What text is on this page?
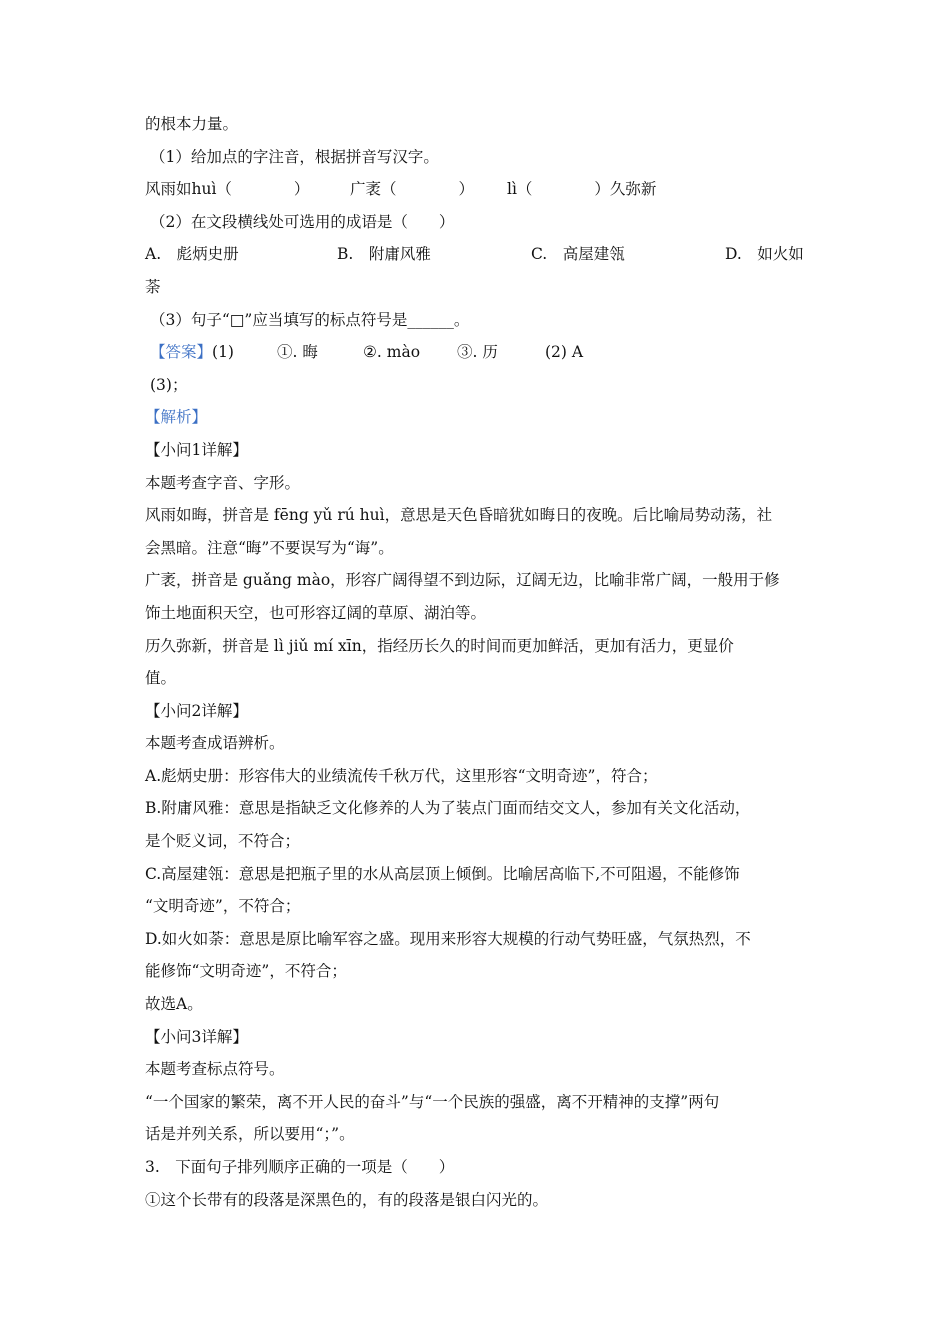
的根本力量。
（1）给加点的字注音，根据拼音写汉字。
风雨如huì（　　　　）	广袤（　　　　） lì（　　　　）久弥新
（2）在文段横线处可选用的成语是（　　）
A.　彪炳史册	B.　附庸风雅	C.　高屋建瓴	D.　如火如
荼
（3）句子“□”应当填写的标点符号是______。
【答案】(1)	①. 晦	②. mào ③. 历	(2) A
(3)；
【解析】
【小问1详解】
本题考查字音、字形。
风雨如晦，拼音是 fēng yǔ rú huì，意思是天色昏暗犹如晦日的夜晚。后比喻局势动荡，社
会黑暗。注意“晦”不要误写为“诲”。
广袤，拼音是 guǎng mào，形容广阔得望不到边际，辽阔无边，比喻非常广阔，一般用于修
饰土地面积天空，也可形容辽阔的草原、湖泊等。
历久弥新，拼音是 lì jiǔ mí xīn，指经历长久的时间而更加鲜活，更加有活力，更显价
值。
【小问2详解】
本题考查成语辨析。
A.彪炳史册：形容伟大的业绩流传千秋万代，这里形容“文明奇迹”，符合；
B.附庸风雅：意思是指缺乏文化修养的人为了装点门面而结交文人，参加有关文化活动，
是个贬义词，不符合；
C.高屋建瓴：意思是把瓶子里的水从高层顶上倾倒。比喻居高临下,不可阻遏，不能修饰
“文明奇迹”，不符合；
D.如火如荼：意思是原比喻军容之盛。现用来形容大规模的行动气势旺盛，气氛热烈，不
能修饰“文明奇迹”，不符合；
故选A。
【小问3详解】
本题考查标点符号。
“一个国家的繁荣，离不开人民的奋斗”与“一个民族的强盛，离不开精神的支撑”两句
话是并列关系，所以要用“；”。
3.　下面句子排列顺序正确的一项是（　　）
①这个长带有的段落是深黑色的，有的段落是银白闪光的。
